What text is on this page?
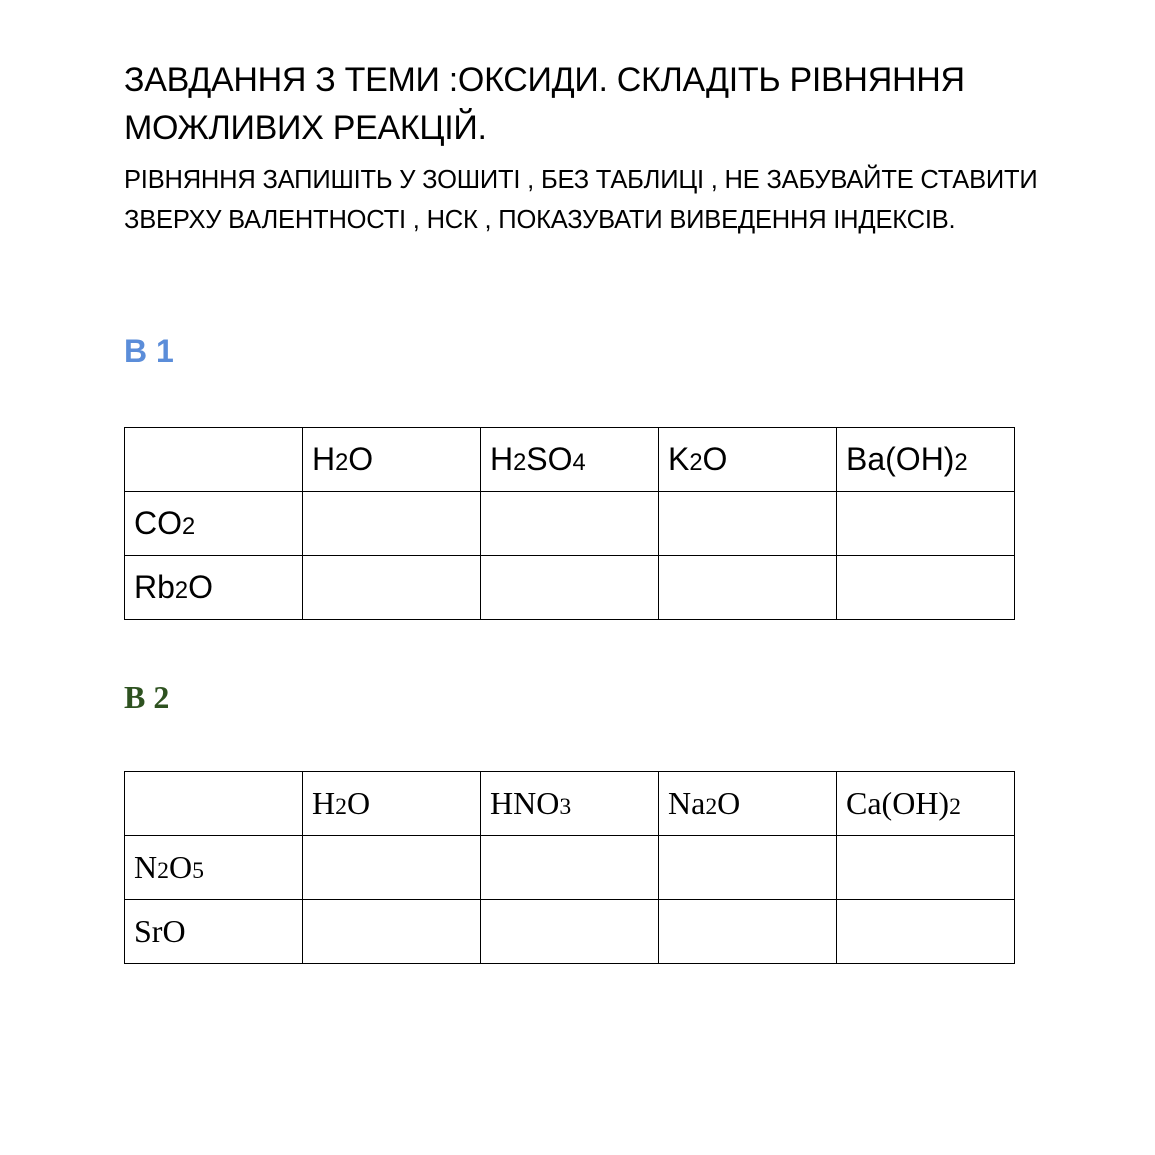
ЗАВДАННЯ З ТЕМИ :ОКСИДИ. СКЛАДІТЬ РІВНЯННЯ МОЖЛИВИХ РЕАКЦІЙ.

РІВНЯННЯ ЗАПИШІТЬ У ЗОШИТІ , БЕЗ ТАБЛИЦІ , НЕ ЗАБУВАЙТЕ СТАВИТИ ЗВЕРХУ ВАЛЕНТНОСТІ , НСК , ПОКАЗУВАТИ ВИВЕДЕННЯ ІНДЕКСІВ.

В 1
	H2O	H2SO4	K2O	Ba(OH)2
CO2				
Rb2O				
В 2
	H2O	HNO3	Na2O	Ca(OH)2
N2O5				
SrO				
